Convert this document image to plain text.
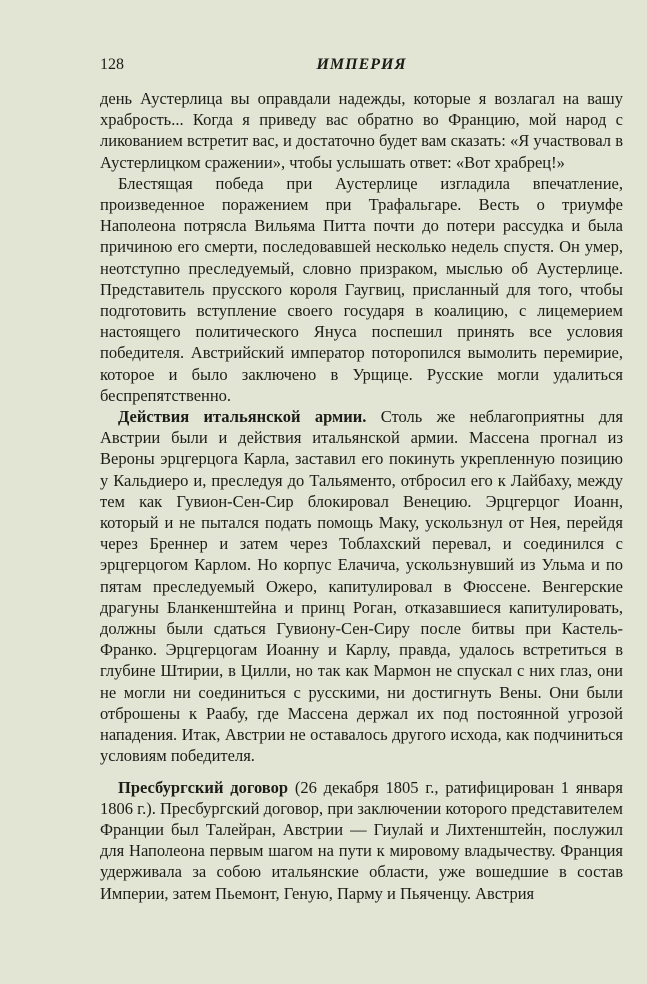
128	ИМПЕРИЯ

день Аустерлица вы оправдали надежды, которые я возлагал на вашу храбрость... Когда я приведу вас обратно во Францию, мой народ с ликованием встретит вас, и достаточно будет вам сказать: «Я участвовал в Аустерлицком сражении», чтобы услышать ответ: «Вот храбрец!»

Блестящая победа при Аустерлице изгладила впечатление, произведенное поражением при Трафальгаре. Весть о триумфе Наполеона потрясла Вильяма Питта почти до потери рассудка и была причиною его смерти, последовавшей несколько недель спустя. Он умер, неотступно преследуемый, словно призраком, мыслью об Аустерлице. Представитель прусского короля Гаугвиц, присланный для того, чтобы подготовить вступление своего государя в коалицию, с лицемерием настоящего политического Януса поспешил принять все условия победителя. Австрийский император поторопился вымолить перемирие, которое и было заключено в Урщице. Русские могли удалиться беспрепятственно.

Действия итальянской армии. Столь же неблагоприятны для Австрии были и действия итальянской армии. Массена прогнал из Вероны эрцгерцога Карла, заставил его покинуть укрепленную позицию у Кальдиеро и, преследуя до Тальяменто, отбросил его к Лайбаху, между тем как Гувион-Сен-Сир блокировал Венецию. Эрцгерцог Иоанн, который и не пытался подать помощь Маку, ускользнул от Нея, перейдя через Бреннер и затем через Тоблахский перевал, и соединился с эрцгерцогом Карлом. Но корпус Елачича, ускользнувший из Ульма и по пятам преследуемый Ожеро, капитулировал в Фюссене. Венгерские драгуны Бланкенштейна и принц Роган, отказавшиеся капитулировать, должны были сдаться Гувиону-Сен-Сиру после битвы при Кастель-Франко. Эрцгерцогам Иоанну и Карлу, правда, удалось встретиться в глубине Штирии, в Цилли, но так как Мармон не спускал с них глаз, они не могли ни соединиться с русскими, ни достигнуть Вены. Они были отброшены к Раабу, где Массена держал их под постоянной угрозой нападения. Итак, Австрии не оставалось другого исхода, как подчиниться условиям победителя.

Пресбургский договор (26 декабря 1805 г., ратифицирован 1 января 1806 г.). Пресбургский договор, при заключении которого представителем Франции был Талейран, Австрии — Гиулай и Лихтенштейн, послужил для Наполеона первым шагом на пути к мировому владычеству. Франция удерживала за собою итальянские области, уже вошедшие в состав Империи, затем Пьемонт, Геную, Парму и Пьяченцу. Австрия
